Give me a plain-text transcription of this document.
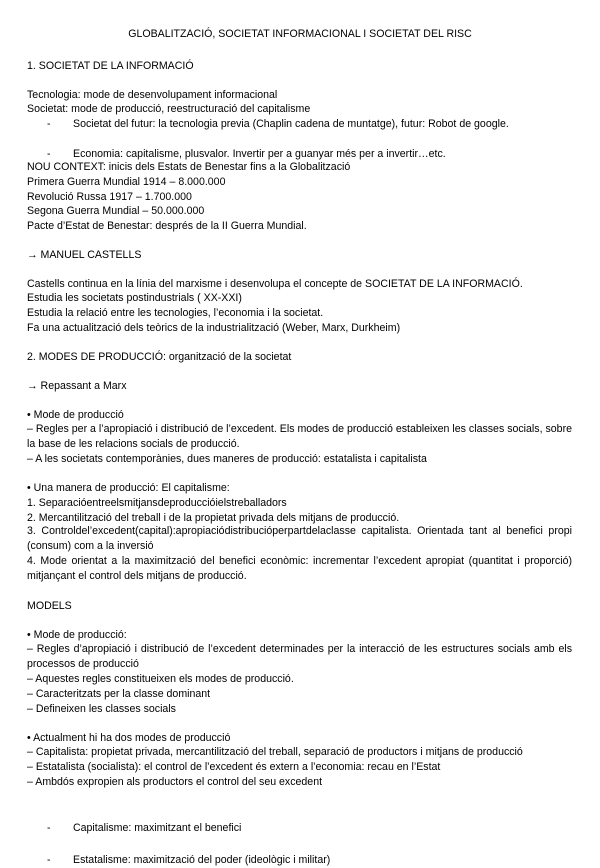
GLOBALITZACIÓ, SOCIETAT INFORMACIONAL I SOCIETAT DEL RISC
1. SOCIETAT DE LA INFORMACIÓ
Tecnologia: mode de desenvolupament informacional
Societat: mode de producció, reestructuració del capitalisme
- Societat del futur: la tecnologia previa (Chaplin cadena de muntatge), futur: Robot de google.
- Economia: capitalisme, plusvalor. Invertir per a guanyar més per a invertir…etc.
NOU CONTEXT: inicis dels Estats de Benestar fins a la Globalització
Primera Guerra Mundial 1914 – 8.000.000
Revolució Russa 1917 – 1.700.000
Segona Guerra Mundial – 50.000.000
Pacte d’Estat de Benestar: després de la II Guerra Mundial.
→ MANUEL CASTELLS
Castells continua en la línia del marxisme i desenvolupa el concepte de SOCIETAT DE LA INFORMACIÓ.
Estudia les societats postindustrials ( XX-XXI)
Estudia la relació entre les tecnologies, l’economia i la societat.
Fa una actualització dels teòrics de la industrialització (Weber, Marx, Durkheim)
2. MODES DE PRODUCCIÓ: organització de la societat
→ Repassant a Marx
• Mode de producció
– Regles per a l’apropiació i distribució de l’excedent. Els modes de producció estableixen les classes socials, sobre la base de les relacions socials de producció.
– A les societats contemporànies, dues maneres de producció: estatalista i capitalista
• Una manera de producció: El capitalisme:
1. Separacióentreelsmitjansdeproduccióielstreballadors
2. Mercantilització del treball i de la propietat privada dels mitjans de producció.
3. Controldel’excedent(capital):apropiaciódistribucióperpartdelaclasse capitalista. Orientada tant al benefici propi (consum) com a la inversió
4. Mode orientat a la maximització del benefici econòmic: incrementar l’excedent apropiat (quantitat i proporció) mitjançant el control dels mitjans de producció.
MODELS
• Mode de producció:
– Regles d’apropiació i distribució de l’excedent determinades per la interacció de les estructures socials amb els processos de producció
– Aquestes regles constitueixen els modes de producció.
– Caracteritzats per la classe dominant
– Defineixen les classes socials
• Actualment hi ha dos modes de producció
– Capitalista: propietat privada, mercantilització del treball, separació de productors i mitjans de producció
– Estatalista (socialista): el control de l’excedent és extern a l’economia: recau en l’Estat
– Ambdós expropien als productors el control del seu excedent
- Capitalisme: maximitzant el benefici
- Estatalisme: maximització del poder (ideològic i militar)
